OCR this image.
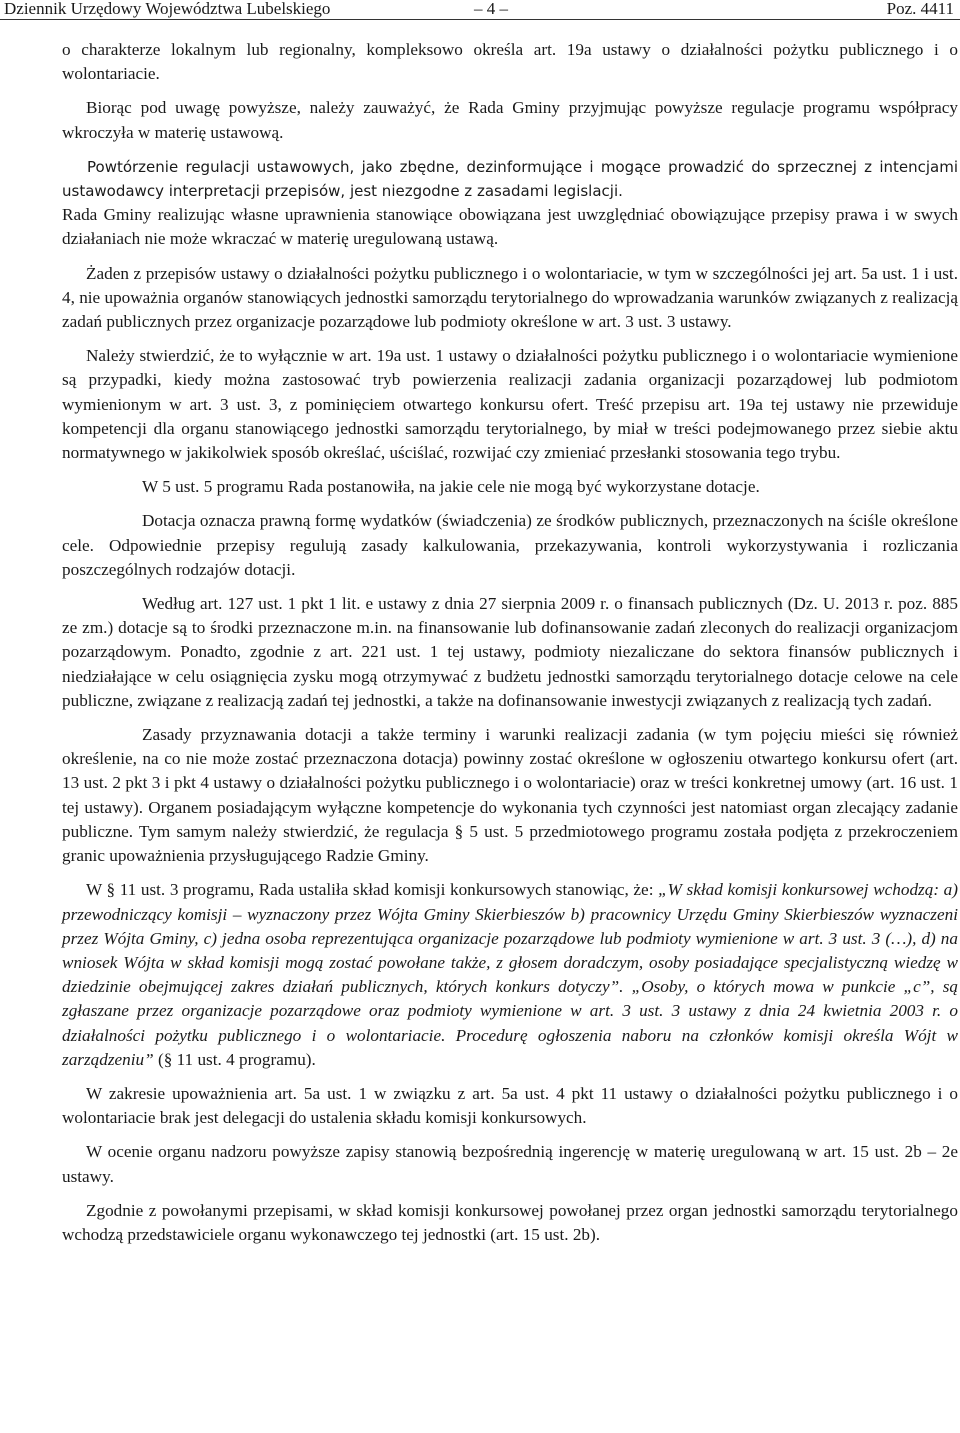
Dziennik Urzędowy Województwa Lubelskiego	– 4 –	Poz. 4411

o charakterze lokalnym lub regionalny, kompleksowo określa art. 19a ustawy o działalności pożytku publicznego i o wolontariacie.

Biorąc pod uwagę powyższe, należy zauważyć, że Rada Gminy przyjmując powyższe regulacje programu współpracy wkroczyła w materię ustawową.

Powtórzenie regulacji ustawowych, jako zbędne, dezinformujące i mogące prowadzić do sprzecznej z intencjami ustawodawcy interpretacji przepisów, jest niezgodne z zasadami legislacji.

Rada Gminy realizując własne uprawnienia stanowiące obowiązana jest uwzględniać obowiązujące przepisy prawa i w swych działaniach nie może wkraczać w materię uregulowaną ustawą.

Żaden z przepisów ustawy o działalności pożytku publicznego i o wolontariacie, w tym w szczególności jej art. 5a ust. 1 i ust. 4, nie upoważnia organów stanowiących jednostki samorządu terytorialnego do wprowadzania warunków związanych z realizacją zadań publicznych przez organizacje pozarządowe lub podmioty określone w art. 3 ust. 3 ustawy.

Należy stwierdzić, że to wyłącznie w art. 19a ust. 1 ustawy o działalności pożytku publicznego i o wolontariacie wymienione są przypadki, kiedy można zastosować tryb powierzenia realizacji zadania organizacji pozarządowej lub podmiotom wymienionym w art. 3 ust. 3, z pominięciem otwartego konkursu ofert. Treść przepisu art. 19a tej ustawy nie przewiduje kompetencji dla organu stanowiącego jednostki samorządu terytorialnego, by miał w treści podejmowanego przez siebie aktu normatywnego w jakikolwiek sposób określać, uściślać, rozwijać czy zmieniać przesłanki stosowania tego trybu.

W 5 ust. 5 programu Rada postanowiła, na jakie cele nie mogą być wykorzystane dotacje.

Dotacja oznacza prawną formę wydatków (świadczenia) ze środków publicznych, przeznaczonych na ściśle określone cele. Odpowiednie przepisy regulują zasady kalkulowania, przekazywania, kontroli wykorzystywania i rozliczania poszczególnych rodzajów dotacji.

Według art. 127 ust. 1 pkt 1 lit. e ustawy z dnia 27 sierpnia 2009 r. o finansach publicznych (Dz. U. 2013 r. poz. 885 ze zm.) dotacje są to środki przeznaczone m.in. na finansowanie lub dofinansowanie zadań zleconych do realizacji organizacjom pozarządowym. Ponadto, zgodnie z art. 221 ust. 1 tej ustawy, podmioty niezaliczane do sektora finansów publicznych i niedziałające w celu osiągnięcia zysku mogą otrzymywać z budżetu jednostki samorządu terytorialnego dotacje celowe na cele publiczne, związane z realizacją zadań tej jednostki, a także na dofinansowanie inwestycji związanych z realizacją tych zadań.

Zasady przyznawania dotacji a także terminy i warunki realizacji zadania (w tym pojęciu mieści się również określenie, na co nie może zostać przeznaczona dotacja) powinny zostać określone w ogłoszeniu otwartego konkursu ofert (art. 13 ust. 2 pkt 3 i pkt 4 ustawy o działalności pożytku publicznego i o wolontariacie) oraz w treści konkretnej umowy (art. 16 ust. 1 tej ustawy). Organem posiadającym wyłączne kompetencje do wykonania tych czynności jest natomiast organ zlecający zadanie publiczne. Tym samym należy stwierdzić, że regulacja § 5 ust. 5 przedmiotowego programu została podjęta z przekroczeniem granic upoważnienia przysługującego Radzie Gminy.

W § 11 ust. 3 programu, Rada ustaliła skład komisji konkursowych stanowiąc, że: „W skład komisji konkursowej wchodzą: a) przewodniczący komisji – wyznaczony przez Wójta Gminy Skierbieszów b) pracownicy Urzędu Gminy Skierbieszów wyznaczeni przez Wójta Gminy, c) jedna osoba reprezentująca organizacje pozarządowe lub podmioty wymienione w art. 3 ust. 3 (…), d) na wniosek Wójta w skład komisji mogą zostać powołane także, z głosem doradczym, osoby posiadające specjalistyczną wiedzę w dziedzinie obejmującej zakres działań publicznych, których konkurs dotyczy”. „Osoby, o których mowa w punkcie „c”, są zgłaszane przez organizacje pozarządowe oraz podmioty wymienione w art. 3 ust. 3 ustawy z dnia 24 kwietnia 2003 r. o działalności pożytku publicznego i o wolontariacie. Procedurę ogłoszenia naboru na członków komisji określa Wójt w zarządzeniu” (§ 11 ust. 4 programu).

W zakresie upoważnienia art. 5a ust. 1 w związku z art. 5a ust. 4 pkt 11 ustawy o działalności pożytku publicznego i o wolontariacie brak jest delegacji do ustalenia składu komisji konkursowych.

W ocenie organu nadzoru powyższe zapisy stanowią bezpośrednią ingerencję w materię uregulowaną w art. 15 ust. 2b – 2e ustawy.

Zgodnie z powołanymi przepisami, w skład komisji konkursowej powołanej przez organ jednostki samorządu terytorialnego wchodzą przedstawiciele organu wykonawczego tej jednostki (art. 15 ust. 2b).
